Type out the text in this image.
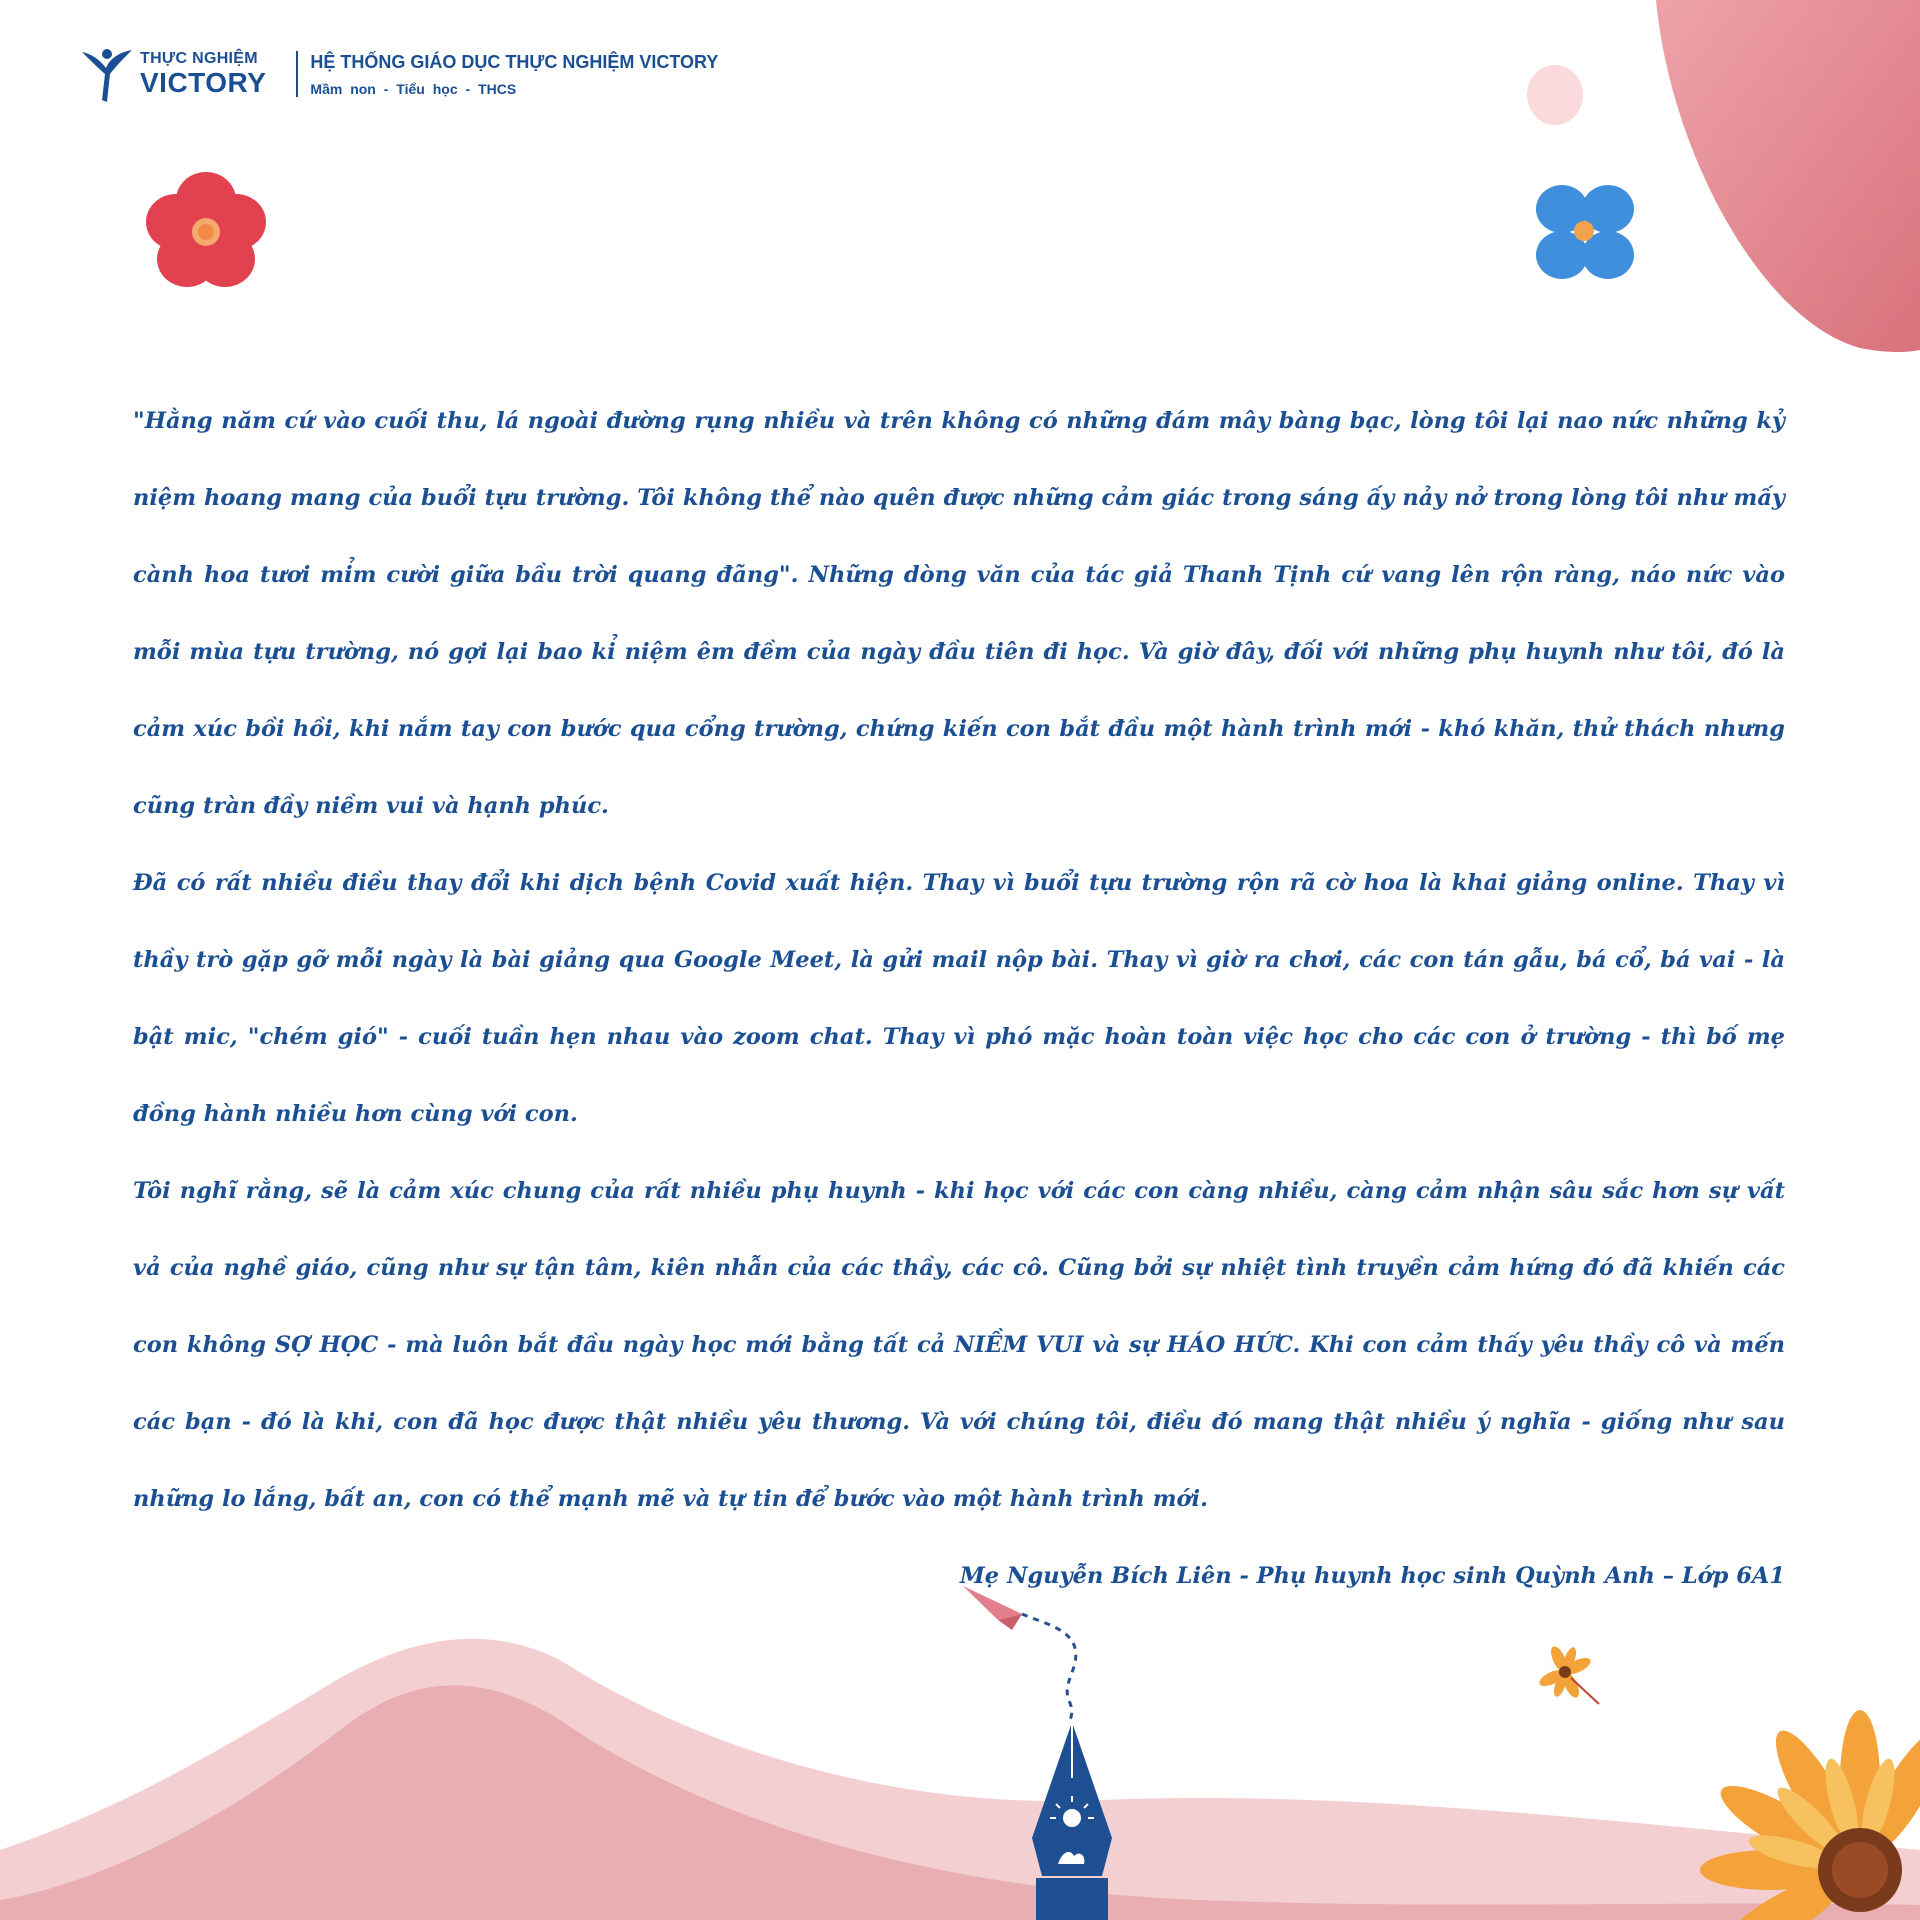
THỰC NGHIỆM
VICTORY
HỆ THỐNG GIÁO DỤC THỰC NGHIỆM VICTORY
Mầm non - Tiểu học - THCS

"Hằng năm cứ vào cuối thu, lá ngoài đường rụng nhiều và trên không có những đám mây bàng bạc, lòng tôi lại nao nức những kỷ niệm hoang mang của buổi tựu trường. Tôi không thể nào quên được những cảm giác trong sáng ấy nảy nở trong lòng tôi như mấy cành hoa tươi mỉm cười giữa bầu trời quang đãng". Những dòng văn của tác giả Thanh Tịnh cứ vang lên rộn ràng, náo nức vào mỗi mùa tựu trường, nó gợi lại bao kỉ niệm êm đềm của ngày đầu tiên đi học. Và giờ đây, đối với những phụ huynh như tôi, đó là cảm xúc bồi hồi, khi nắm tay con bước qua cổng trường, chứng kiến con bắt đầu một hành trình mới - khó khăn, thử thách nhưng cũng tràn đầy niềm vui và hạnh phúc.

Đã có rất nhiều điều thay đổi khi dịch bệnh Covid xuất hiện. Thay vì buổi tựu trường rộn rã cờ hoa là khai giảng online. Thay vì thầy trò gặp gỡ mỗi ngày là bài giảng qua Google Meet, là gửi mail nộp bài. Thay vì giờ ra chơi, các con tán gẫu, bá cổ, bá vai - là bật mic, "chém gió" - cuối tuần hẹn nhau vào zoom chat. Thay vì phó mặc hoàn toàn việc học cho các con ở trường - thì bố mẹ đồng hành nhiều hơn cùng với con.

Tôi nghĩ rằng, sẽ là cảm xúc chung của rất nhiều phụ huynh - khi học với các con càng nhiều, càng cảm nhận sâu sắc hơn sự vất vả của nghề giáo, cũng như sự tận tâm, kiên nhẫn của các thầy, các cô. Cũng bởi sự nhiệt tình truyền cảm hứng đó đã khiến các con không SỢ HỌC - mà luôn bắt đầu ngày học mới bằng tất cả NIỀM VUI và sự HÁO HỨC. Khi con cảm thấy yêu thầy cô và mến các bạn - đó là khi, con đã học được thật nhiều yêu thương. Và với chúng tôi, điều đó mang thật nhiều ý nghĩa - giống như sau những lo lắng, bất an, con có thể mạnh mẽ và tự tin để bước vào một hành trình mới.

Mẹ Nguyễn Bích Liên - Phụ huynh học sinh Quỳnh Anh – Lớp 6A1
